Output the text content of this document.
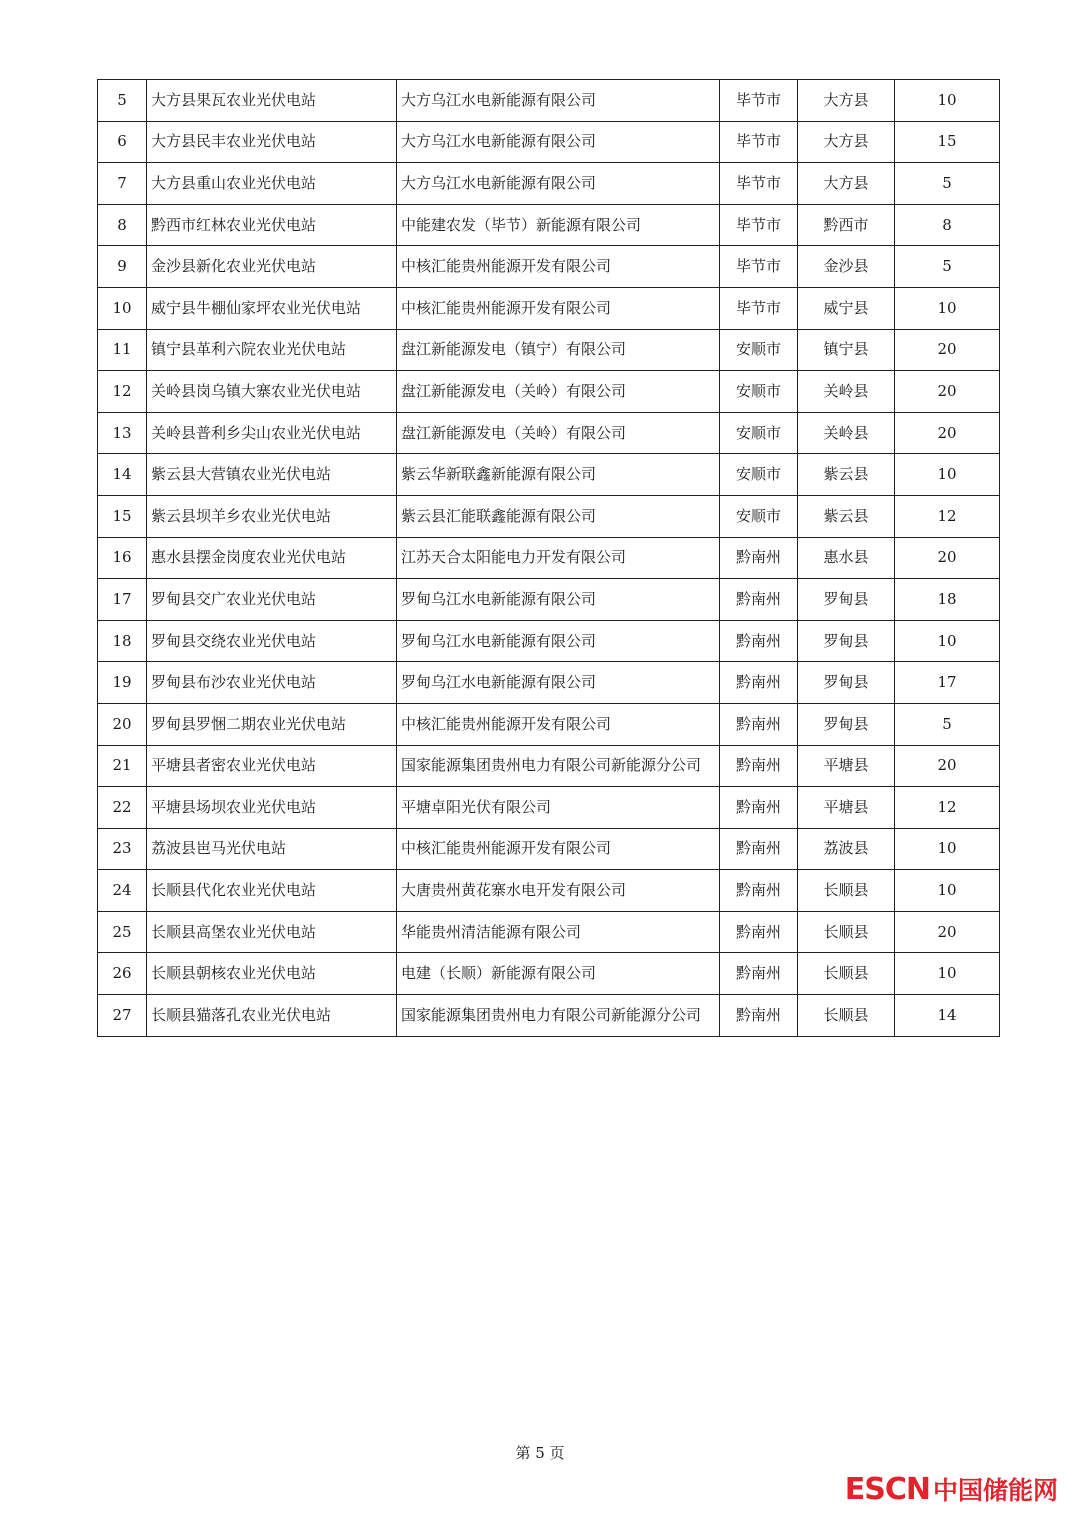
5	大方县果瓦农业光伏电站	大方乌江水电新能源有限公司	毕节市	大方县	10
6	大方县民丰农业光伏电站	大方乌江水电新能源有限公司	毕节市	大方县	15
7	大方县重山农业光伏电站	大方乌江水电新能源有限公司	毕节市	大方县	5
8	黔西市红林农业光伏电站	中能建农发（毕节）新能源有限公司	毕节市	黔西市	8
9	金沙县新化农业光伏电站	中核汇能贵州能源开发有限公司	毕节市	金沙县	5
10	威宁县牛棚仙家坪农业光伏电站	中核汇能贵州能源开发有限公司	毕节市	威宁县	10
11	镇宁县革利六院农业光伏电站	盘江新能源发电（镇宁）有限公司	安顺市	镇宁县	20
12	关岭县岗乌镇大寨农业光伏电站	盘江新能源发电（关岭）有限公司	安顺市	关岭县	20
13	关岭县普利乡尖山农业光伏电站	盘江新能源发电（关岭）有限公司	安顺市	关岭县	20
14	紫云县大营镇农业光伏电站	紫云华新联鑫新能源有限公司	安顺市	紫云县	10
15	紫云县坝羊乡农业光伏电站	紫云县汇能联鑫能源有限公司	安顺市	紫云县	12
16	惠水县摆金岗度农业光伏电站	江苏天合太阳能电力开发有限公司	黔南州	惠水县	20
17	罗甸县交广农业光伏电站	罗甸乌江水电新能源有限公司	黔南州	罗甸县	18
18	罗甸县交绕农业光伏电站	罗甸乌江水电新能源有限公司	黔南州	罗甸县	10
19	罗甸县布沙农业光伏电站	罗甸乌江水电新能源有限公司	黔南州	罗甸县	17
20	罗甸县罗悃二期农业光伏电站	中核汇能贵州能源开发有限公司	黔南州	罗甸县	5
21	平塘县者密农业光伏电站	国家能源集团贵州电力有限公司新能源分公司	黔南州	平塘县	20
22	平塘县场坝农业光伏电站	平塘卓阳光伏有限公司	黔南州	平塘县	12
23	荔波县岜马光伏电站	中核汇能贵州能源开发有限公司	黔南州	荔波县	10
24	长顺县代化农业光伏电站	大唐贵州黄花寨水电开发有限公司	黔南州	长顺县	10
25	长顺县高堡农业光伏电站	华能贵州清洁能源有限公司	黔南州	长顺县	20
26	长顺县朝核农业光伏电站	电建（长顺）新能源有限公司	黔南州	长顺县	10
27	长顺县猫落孔农业光伏电站	国家能源集团贵州电力有限公司新能源分公司	黔南州	长顺县	14
第 5 页
ESCN 中国储能网
